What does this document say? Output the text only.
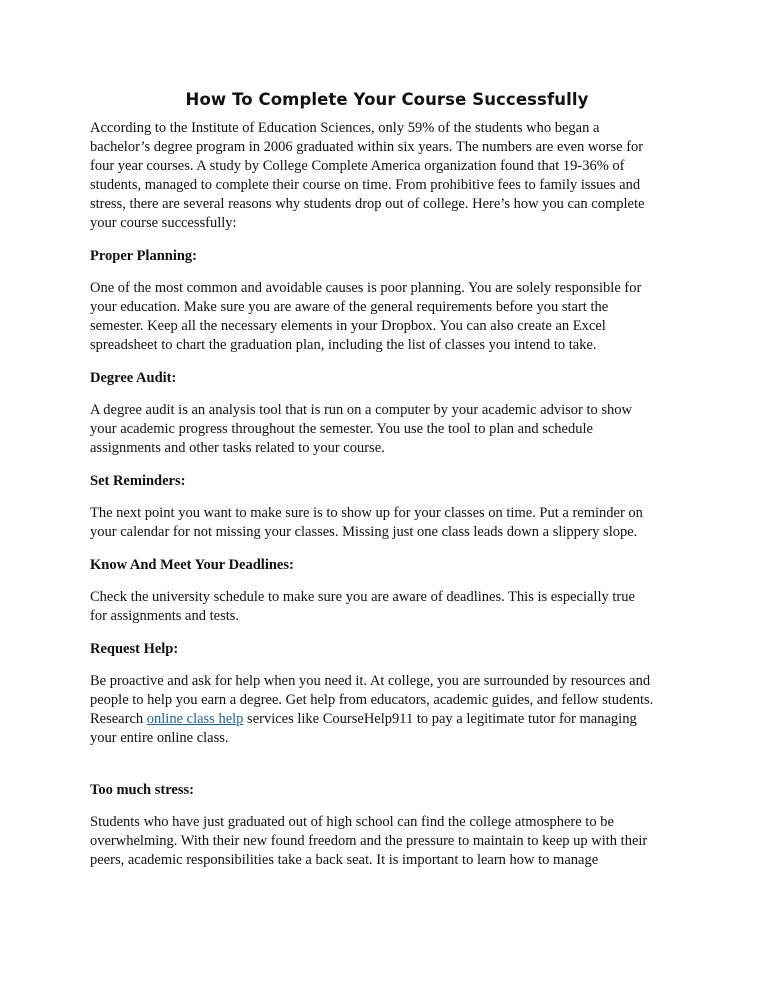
How To Complete Your Course Successfully

According to the Institute of Education Sciences, only 59% of the students who began a
bachelor’s degree program in 2006 graduated within six years. The numbers are even worse for
four year courses. A study by College Complete America organization found that 19-36% of
students, managed to complete their course on time. From prohibitive fees to family issues and
stress, there are several reasons why students drop out of college. Here’s how you can complete
your course successfully:

Proper Planning:

One of the most common and avoidable causes is poor planning. You are solely responsible for
your education. Make sure you are aware of the general requirements before you start the
semester. Keep all the necessary elements in your Dropbox. You can also create an Excel
spreadsheet to chart the graduation plan, including the list of classes you intend to take.

Degree Audit:

A degree audit is an analysis tool that is run on a computer by your academic advisor to show
your academic progress throughout the semester. You use the tool to plan and schedule
assignments and other tasks related to your course.

Set Reminders:

The next point you want to make sure is to show up for your classes on time. Put a reminder on
your calendar for not missing your classes. Missing just one class leads down a slippery slope.

Know And Meet Your Deadlines:

Check the university schedule to make sure you are aware of deadlines. This is especially true
for assignments and tests.

Request Help:

Be proactive and ask for help when you need it. At college, you are surrounded by resources and
people to help you earn a degree. Get help from educators, academic guides, and fellow students.
Research online class help services like CourseHelp911 to pay a legitimate tutor for managing
your entire online class.

Too much stress:

Students who have just graduated out of high school can find the college atmosphere to be
overwhelming. With their new found freedom and the pressure to maintain to keep up with their
peers, academic responsibilities take a back seat. It is important to learn how to manage
